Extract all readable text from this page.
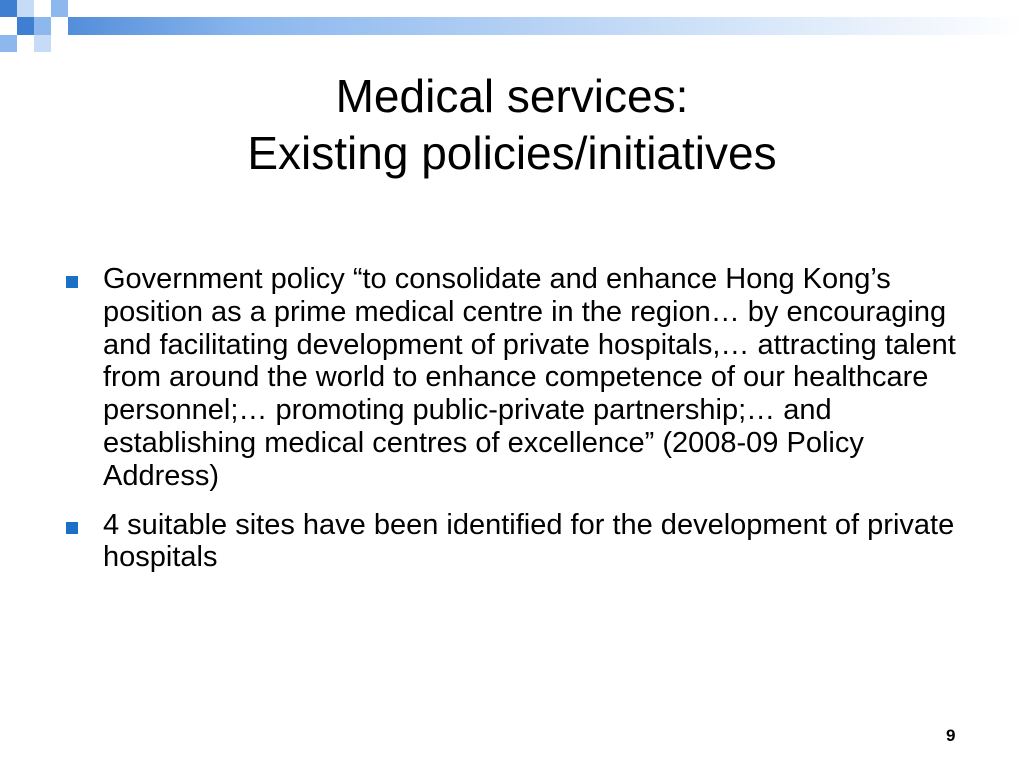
Medical services:
Existing policies/initiatives
Government policy “to consolidate and enhance Hong Kong’s position as a prime medical centre in the region… by encouraging and facilitating development of private hospitals,… attracting talent from around the world to enhance competence of our healthcare personnel;… promoting public-private partnership;… and establishing medical centres of excellence” (2008-09 Policy Address)
4 suitable sites have been identified for the development of private hospitals
9
